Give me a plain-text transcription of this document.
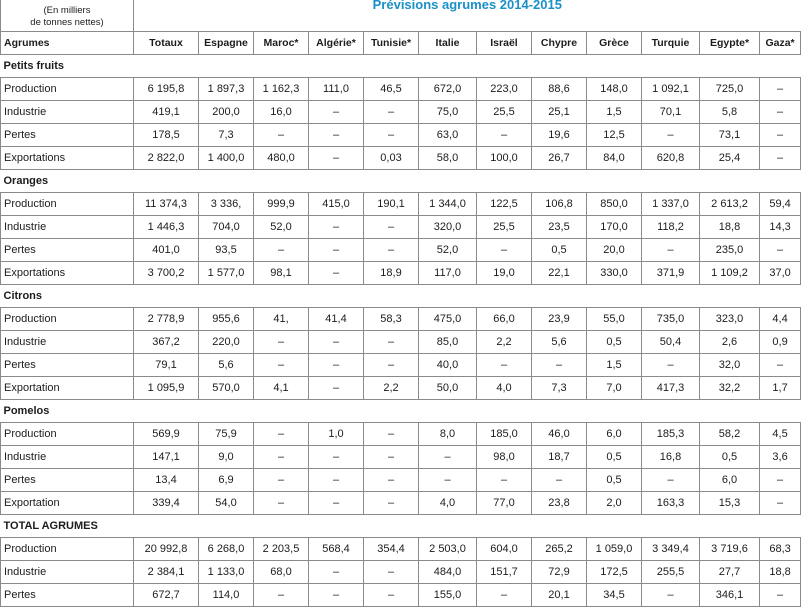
(En milliers
de tonnes nettes)	Prévisions agrumes 2014-2015											
Agrumes	Totaux	Espagne	Maroc*	Algérie*	Tunisie*	Italie	Israël	Chypre	Grèce	Turquie	Egypte*	Gaza*
Petits fruits												
Production	6 195,8	1 897,3	1 162,3	111,0	46,5	672,0	223,0	88,6	148,0	1 092,1	725,0	–
Industrie	419,1	200,0	16,0	–	–	75,0	25,5	25,1	1,5	70,1	5,8	–
Pertes	178,5	7,3	–	–	–	63,0	–	19,6	12,5	–	73,1	–
Exportations	2 822,0	1 400,0	480,0	–	0,03	58,0	100,0	26,7	84,0	620,8	25,4	–
Oranges												
Production	11 374,3	3 336,	999,9	415,0	190,1	1 344,0	122,5	106,8	850,0	1 337,0	2 613,2	59,4
Industrie	1 446,3	704,0	52,0	–	–	320,0	25,5	23,5	170,0	118,2	18,8	14,3
Pertes	401,0	93,5	–	–	–	52,0	–	0,5	20,0	–	235,0	–
Exportations	3 700,2	1 577,0	98,1	–	18,9	117,0	19,0	22,1	330,0	371,9	1 109,2	37,0
Citrons												
Production	2 778,9	955,6	41,	41,4	58,3	475,0	66,0	23,9	55,0	735,0	323,0	4,4
Industrie	367,2	220,0	–	–	–	85,0	2,2	5,6	0,5	50,4	2,6	0,9
Pertes	79,1	5,6	–	–	–	40,0	–	–	1,5	–	32,0	–
Exportation	1 095,9	570,0	4,1	–	2,2	50,0	4,0	7,3	7,0	417,3	32,2	1,7
Pomelos												
Production	569,9	75,9	–	1,0	–	8,0	185,0	46,0	6,0	185,3	58,2	4,5
Industrie	147,1	9,0	–	–	–	–	98,0	18,7	0,5	16,8	0,5	3,6
Pertes	13,4	6,9	–	–	–	–	–	–	0,5	–	6,0	–
Exportation	339,4	54,0	–	–	–	4,0	77,0	23,8	2,0	163,3	15,3	–
TOTAL AGRUMES												
Production	20 992,8	6 268,0	2 203,5	568,4	354,4	2 503,0	604,0	265,2	1 059,0	3 349,4	3 719,6	68,3
Industrie	2 384,1	1 133,0	68,0	–	–	484,0	151,7	72,9	172,5	255,5	27,7	18,8
Pertes	672,7	114,0	–	–	–	155,0	–	20,1	34,5	–	346,1	–
